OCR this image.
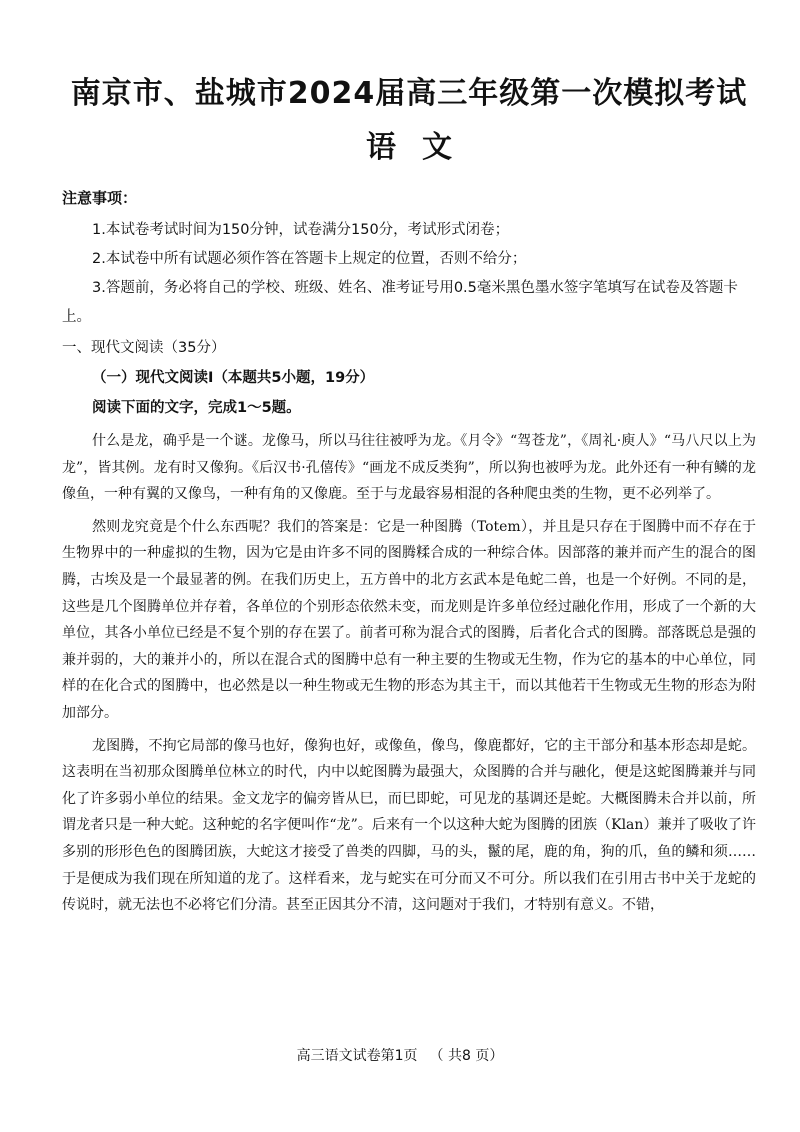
南京市、盐城市2024届高三年级第一次模拟考试
语文
注意事项：
1.本试卷考试时间为150分钟，试卷满分150分，考试形式闭卷；
2.本试卷中所有试题必须作答在答题卡上规定的位置，否则不给分；
3.答题前，务必将自己的学校、班级、姓名、准考证号用0.5毫米黑色墨水签字笔填写在试卷及答题卡上。
一、现代文阅读（35分）
（一）现代文阅读Ⅰ（本题共5小题，19分）
阅读下面的文字，完成1～5题。

什么是龙，确乎是一个谜。龙像马，所以马往往被呼为龙。《月令》“驾苍龙”，《周礼·庾人》“马八尺以上为龙”，皆其例。龙有时又像狗。《后汉书·孔僖传》“画龙不成反类狗”，所以狗也被呼为龙。此外还有一种有鳞的龙像鱼，一种有翼的又像鸟，一种有角的又像鹿。至于与龙最容易相混的各种爬虫类的生物，更不必列举了。

然则龙究竟是个什么东西呢？我们的答案是：它是一种图腾（Totem），并且是只存在于图腾中而不存在于生物界中的一种虚拟的生物，因为它是由许多不同的图腾糅合成的一种综合体。因部落的兼并而产生的混合的图腾，古埃及是一个最显著的例。在我们历史上，五方兽中的北方玄武本是龟蛇二兽，也是一个好例。不同的是，这些是几个图腾单位并存着，各单位的个别形态依然未变，而龙则是许多单位经过融化作用，形成了一个新的大单位，其各小单位已经是不复个别的存在罢了。前者可称为混合式的图腾，后者化合式的图腾。部落既总是强的兼并弱的，大的兼并小的，所以在混合式的图腾中总有一种主要的生物或无生物，作为它的基本的中心单位，同样的在化合式的图腾中，也必然是以一种生物或无生物的形态为其主干，而以其他若干生物或无生物的形态为附加部分。

龙图腾，不拘它局部的像马也好，像狗也好，或像鱼，像鸟，像鹿都好，它的主干部分和基本形态却是蛇。这表明在当初那众图腾单位林立的时代，内中以蛇图腾为最强大，众图腾的合并与融化，便是这蛇图腾兼并与同化了许多弱小单位的结果。金文龙字的偏旁皆从巳，而巳即蛇，可见龙的基调还是蛇。大概图腾未合并以前，所谓龙者只是一种大蛇。这种蛇的名字便叫作“龙”。后来有一个以这种大蛇为图腾的团族（Klan）兼并了吸收了许多别的形形色色的图腾团族，大蛇这才接受了兽类的四脚，马的头，鬣的尾，鹿的角，狗的爪，鱼的鳞和须……于是便成为我们现在所知道的龙了。这样看来，龙与蛇实在可分而又不可分。所以我们在引用古书中关于龙蛇的传说时，就无法也不必将它们分清。甚至正因其分不清，这问题对于我们，才特别有意义。不错，

高三语文试卷第1页 （ 共8 页）
